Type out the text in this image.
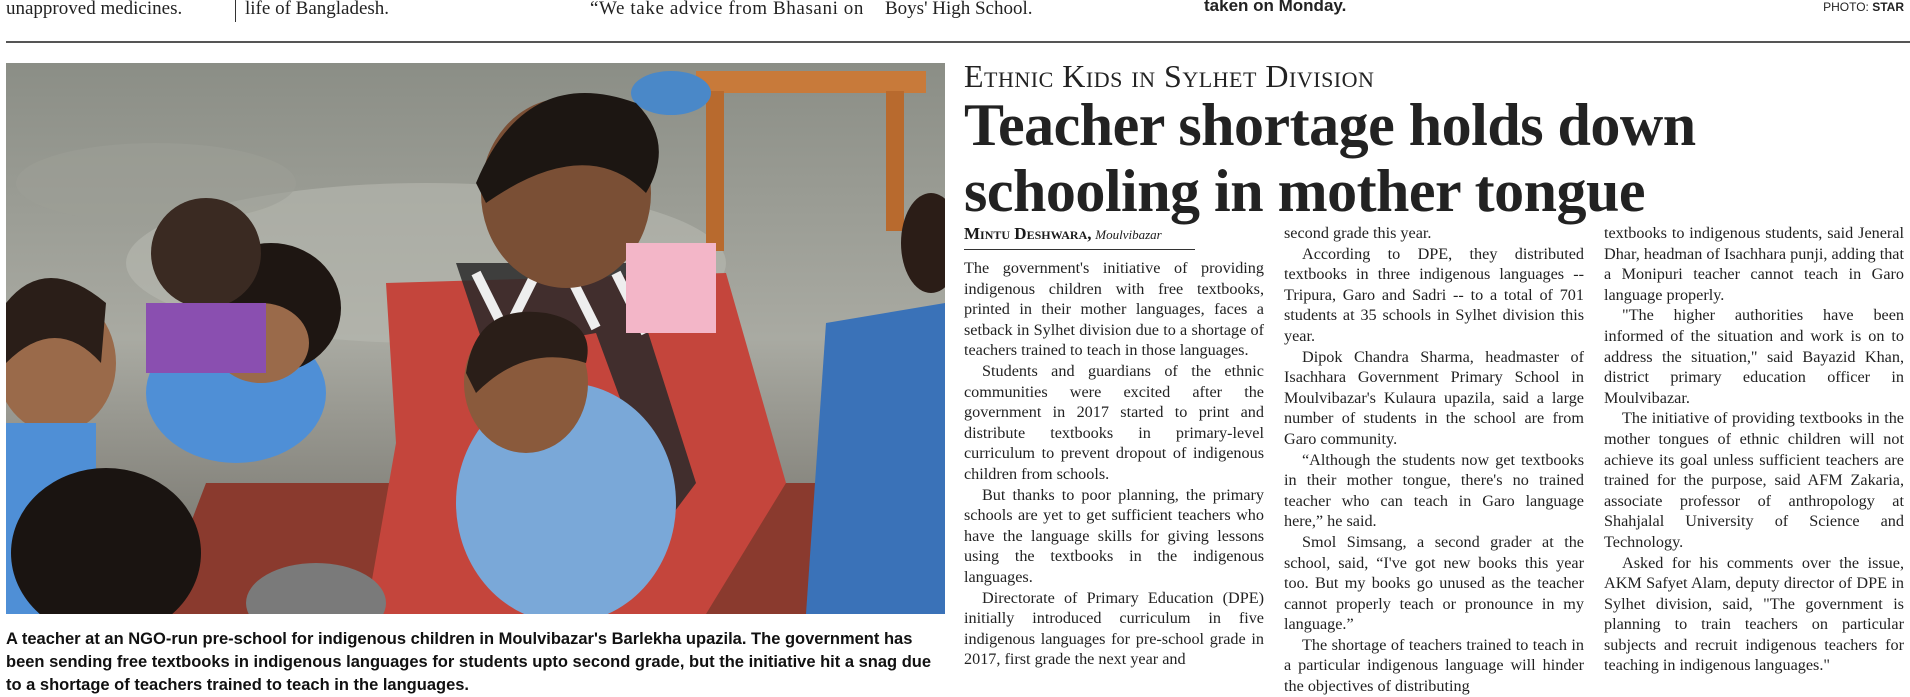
unapproved medicines.	life of Bangladesh.	“We take advice from Bhasani on Boys' High School.	taken on Monday.	PHOTO: STAR
A teacher at an NGO-run pre-school for indigenous children in Moulvibazar's Barlekha upazila. The government has been sending free textbooks in indigenous languages for students upto second grade, but the initiative hit a snag due to a shortage of teachers trained to teach in the languages.
Ethnic Kids in Sylhet Division
Teacher shortage holds down schooling in mother tongue
Mintu Deshwara, Moulvibazar

The government's initiative of providing indigenous children with free textbooks, printed in their mother languages, faces a setback in Sylhet division due to a shortage of teachers trained to teach in those languages.

Students and guardians of the ethnic communities were excited after the government in 2017 started to print and distribute textbooks in primary-level curriculum to prevent dropout of indigenous children from schools.

But thanks to poor planning, the primary schools are yet to get sufficient teachers who have the language skills for giving lessons using the textbooks in the indigenous languages.

Directorate of Primary Education (DPE) initially introduced curriculum in five indigenous languages for pre-school grade in 2017, first grade the next year and

second grade this year.

According to DPE, they distributed textbooks in three indigenous languages -- Tripura, Garo and Sadri -- to a total of 701 students at 35 schools in Sylhet division this year.

Dipok Chandra Sharma, headmaster of Isachhara Government Primary School in Moulvibazar's Kulaura upazila, said a large number of students in the school are from Garo community.

“Although the students now get textbooks in their mother tongue, there's no trained teacher who can teach in Garo language here,” he said.

Smol Simsang, a second grader at the school, said, “I've got new books this year too. But my books go unused as the teacher cannot properly teach or pronounce in my language.”

The shortage of teachers trained to teach in a particular indigenous language will hinder the objectives of distributing

textbooks to indigenous students, said Jeneral Dhar, headman of Isachhara punji, adding that a Monipuri teacher cannot teach in Garo language properly.

"The higher authorities have been informed of the situation and work is on to address the situation," said Bayazid Khan, district primary education officer in Moulvibazar.

The initiative of providing textbooks in the mother tongues of ethnic children will not achieve its goal unless sufficient teachers are trained for the purpose, said AFM Zakaria, associate professor of anthropology at Shahjalal University of Science and Technology.

Asked for his comments over the issue, AKM Safyet Alam, deputy director of DPE in Sylhet division, said, "The government is planning to train teachers on particular subjects and recruit indigenous teachers for teaching in indigenous languages."
